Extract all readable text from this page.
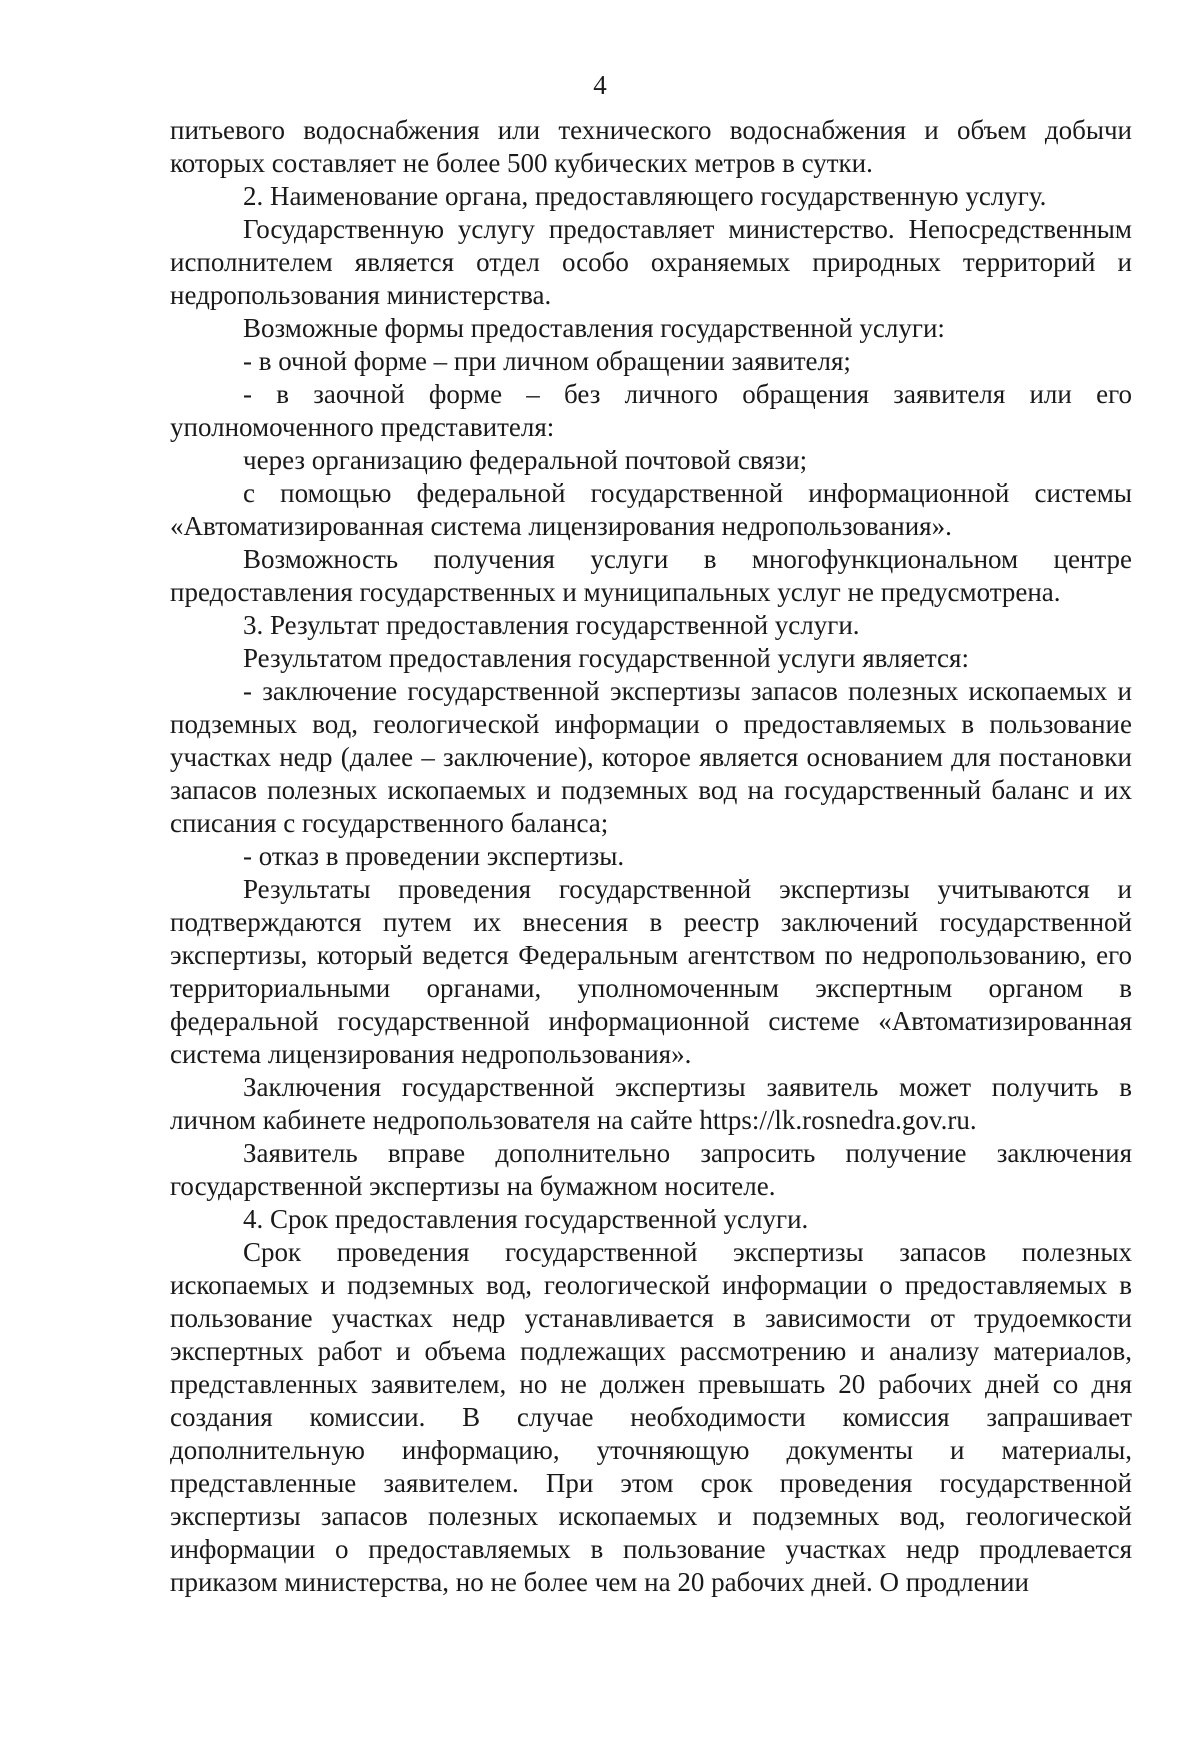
4

питьевого водоснабжения или технического водоснабжения и объем добычи которых составляет не более 500 кубических метров в сутки.

2. Наименование органа, предоставляющего государственную услугу.

Государственную услугу предоставляет министерство. Непосредственным исполнителем является отдел особо охраняемых природных территорий и недропользования министерства.

Возможные формы предоставления государственной услуги:

- в очной форме – при личном обращении заявителя;

- в заочной форме – без личного обращения заявителя или его уполномоченного представителя:

через организацию федеральной почтовой связи;

с помощью федеральной государственной информационной системы «Автоматизированная система лицензирования недропользования».

Возможность получения услуги в многофункциональном центре предоставления государственных и муниципальных услуг не предусмотрена.

3. Результат предоставления государственной услуги.

Результатом предоставления государственной услуги является:

- заключение государственной экспертизы запасов полезных ископаемых и подземных вод, геологической информации о предоставляемых в пользование участках недр (далее – заключение), которое является основанием для постановки запасов полезных ископаемых и подземных вод на государственный баланс и их списания с государственного баланса;

- отказ в проведении экспертизы.

Результаты проведения государственной экспертизы учитываются и подтверждаются путем их внесения в реестр заключений государственной экспертизы, который ведется Федеральным агентством по недропользованию, его территориальными органами, уполномоченным экспертным органом в федеральной государственной информационной системе «Автоматизированная система лицензирования недропользования».

Заключения государственной экспертизы заявитель может получить в личном кабинете недропользователя на сайте https://lk.rosnedra.gov.ru.

Заявитель вправе дополнительно запросить получение заключения государственной экспертизы на бумажном носителе.

4. Срок предоставления государственной услуги.

Срок проведения государственной экспертизы запасов полезных ископаемых и подземных вод, геологической информации о предоставляемых в пользование участках недр устанавливается в зависимости от трудоемкости экспертных работ и объема подлежащих рассмотрению и анализу материалов, представленных заявителем, но не должен превышать 20 рабочих дней со дня создания комиссии. В случае необходимости комиссия запрашивает дополнительную информацию, уточняющую документы и материалы, представленные заявителем. При этом срок проведения государственной экспертизы запасов полезных ископаемых и подземных вод, геологической информации о предоставляемых в пользование участках недр продлевается приказом министерства, но не более чем на 20 рабочих дней. О продлении
